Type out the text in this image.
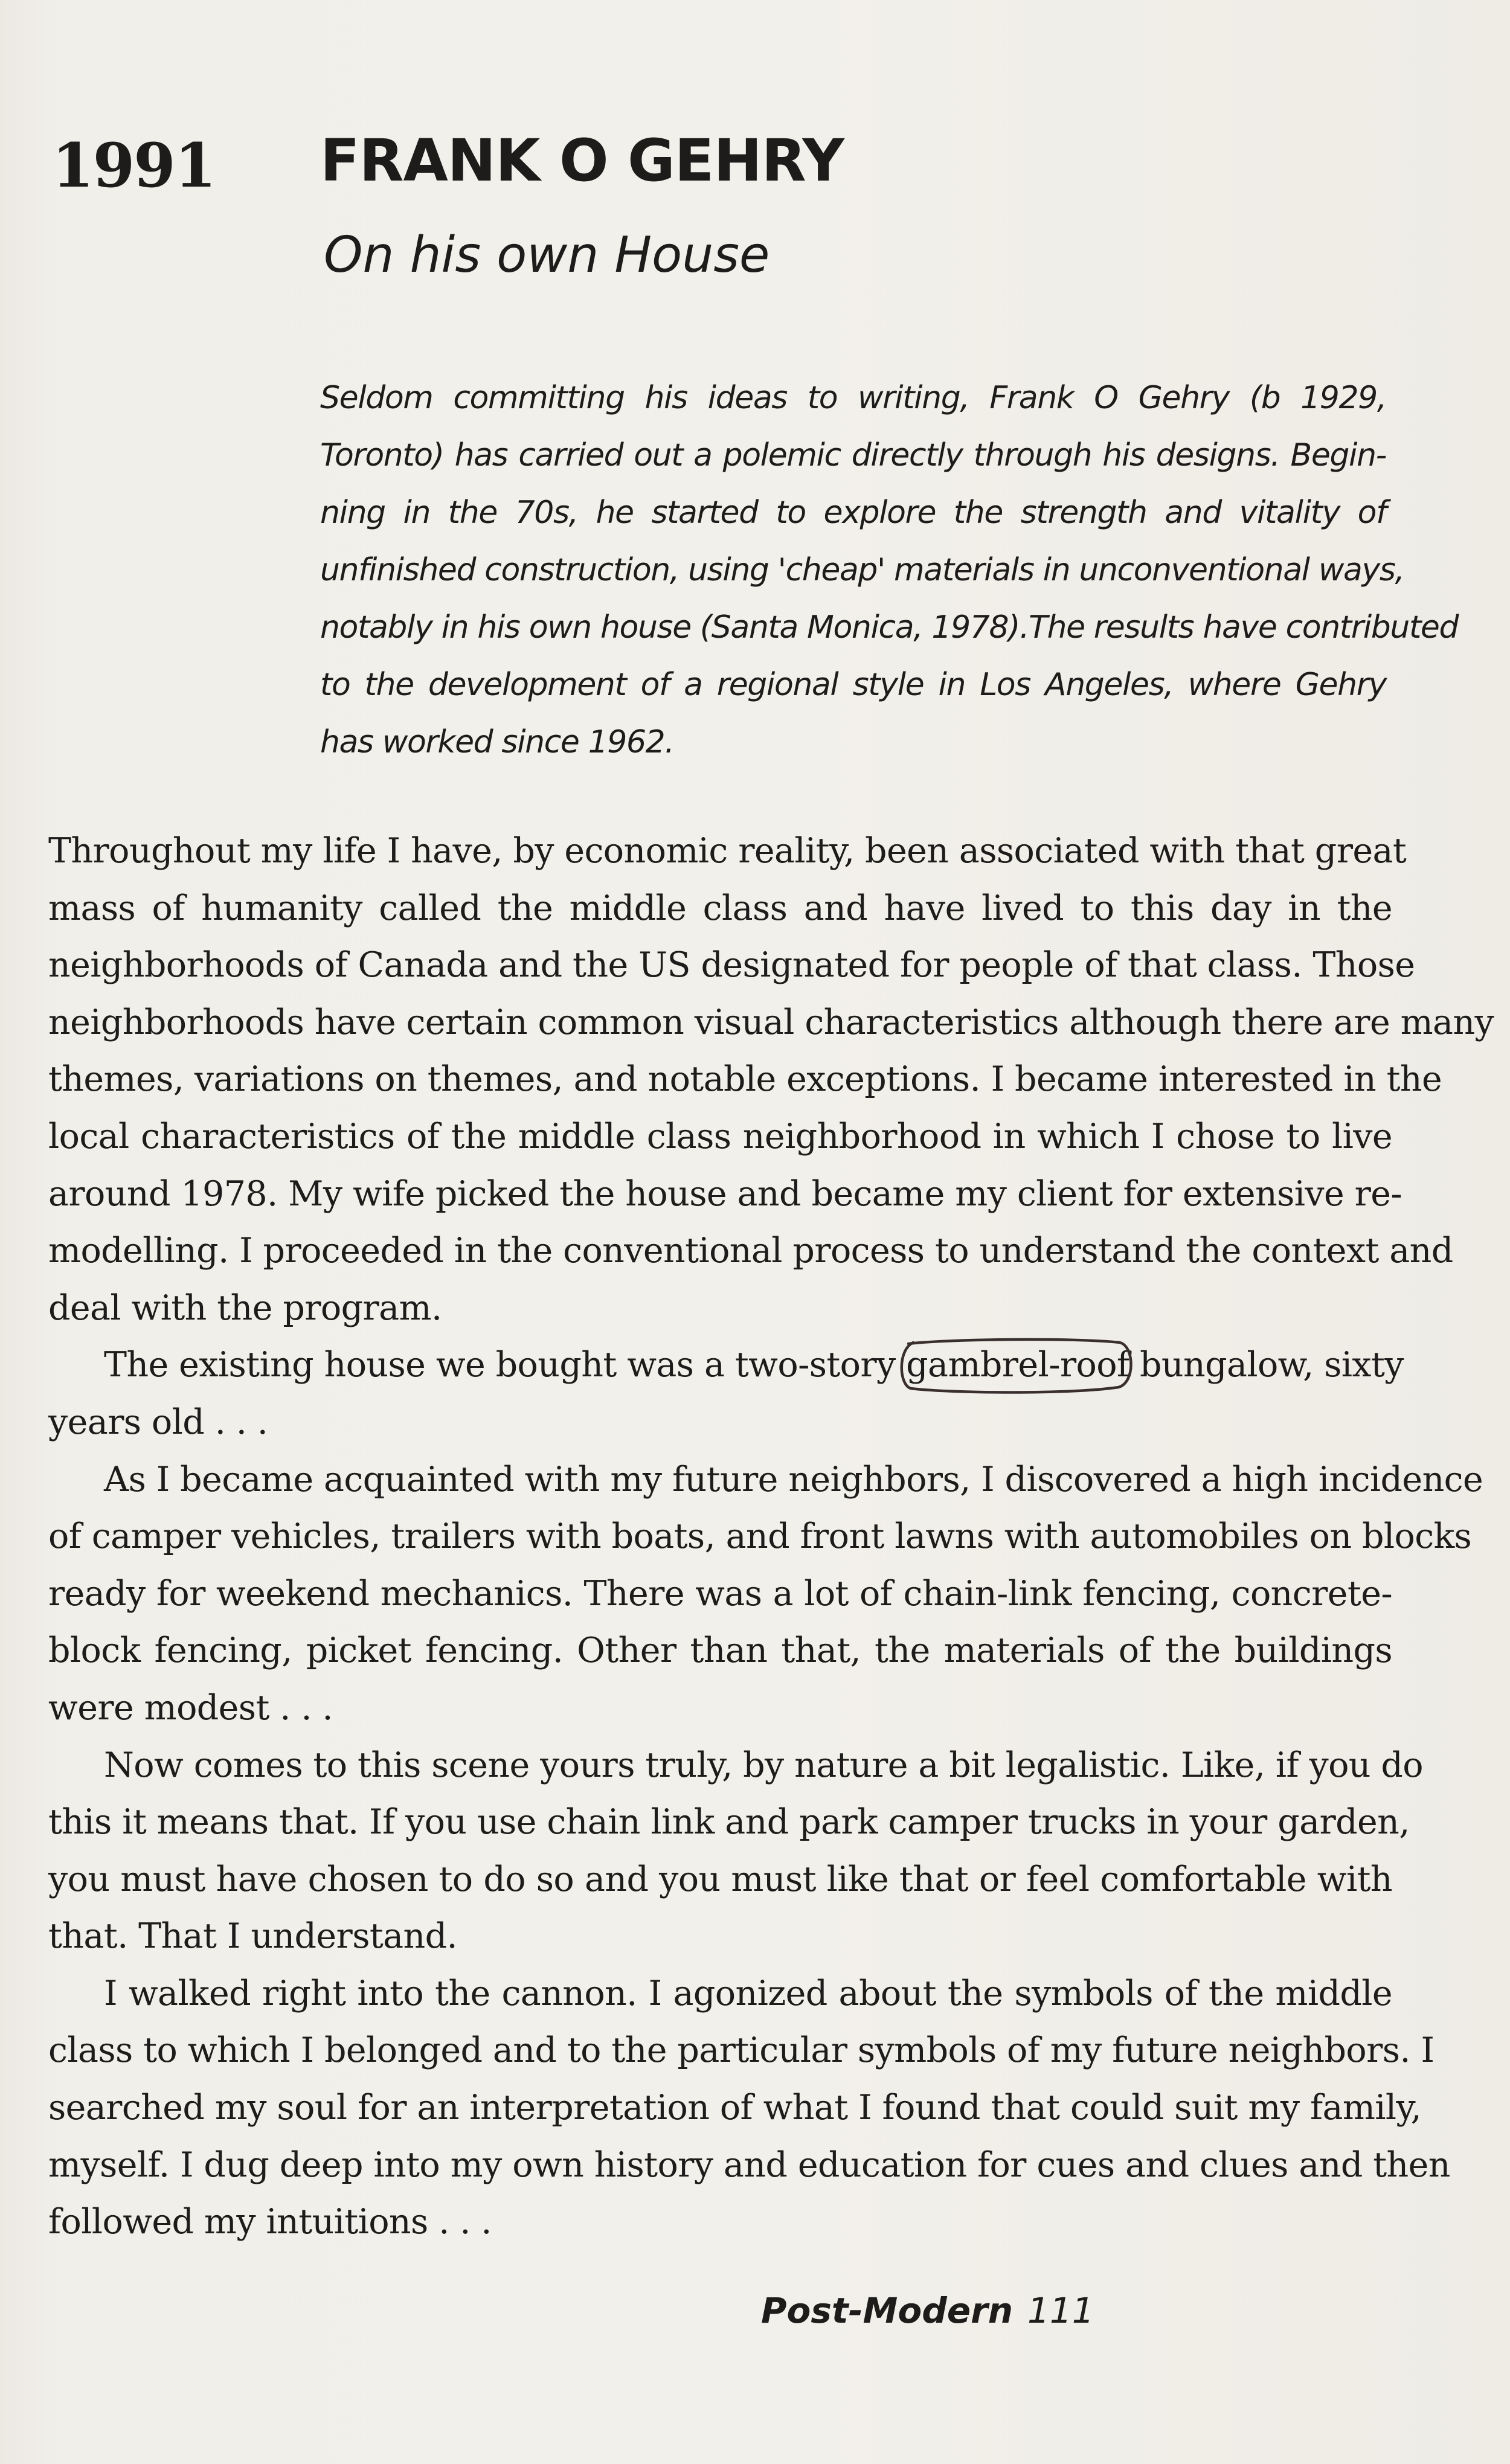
1991 FRANK O GEHRY
On his own House
Seldom committing his ideas to writing, Frank O Gehry (b 1929,
Toronto) has carried out a polemic directly through his designs. Begin-
ning in the 70s, he started to explore the strength and vitality of
unfinished construction, using 'cheap' materials in unconventional ways,
notably in his own house (Santa Monica, 1978).The results have contributed
to the development of a regional style in Los Angeles, where Gehry
has worked since 1962.
Throughout my life I have, by economic reality, been associated with that great
mass of humanity called the middle class and have lived to this day in the
neighborhoods of Canada and the US designated for people of that class. Those
neighborhoods have certain common visual characteristics although there are many
themes, variations on themes, and notable exceptions. I became interested in the
local characteristics of the middle class neighborhood in which I chose to live
around 1978. My wife picked the house and became my client for extensive re-
modelling. I proceeded in the conventional process to understand the context and
deal with the program.
The existing house we bought was a two-story gambrel-roof
bungalow, sixty
years old . . .
As I became acquainted with my future neighbors, I discovered a high incidence
of camper vehicles, trailers with boats, and front lawns with automobiles on blocks
ready for weekend mechanics. There was a lot of chain-link fencing, concrete-
block fencing, picket fencing. Other than that, the materials of the buildings
were modest . . .
Now comes to this scene yours truly, by nature a bit legalistic. Like, if you do
this it means that. If you use chain link and park camper trucks in your garden,
you must have chosen to do so and you must like that or feel comfortable with
that. That I understand.
I walked right into the cannon. I agonized about the symbols of the middle
class to which I belonged and to the particular symbols of my future neighbors. I
searched my soul for an interpretation of what I found that could suit my family,
myself. I dug deep into my own history and education for cues and clues and then
followed my intuitions . . .
Post-Modern 111
